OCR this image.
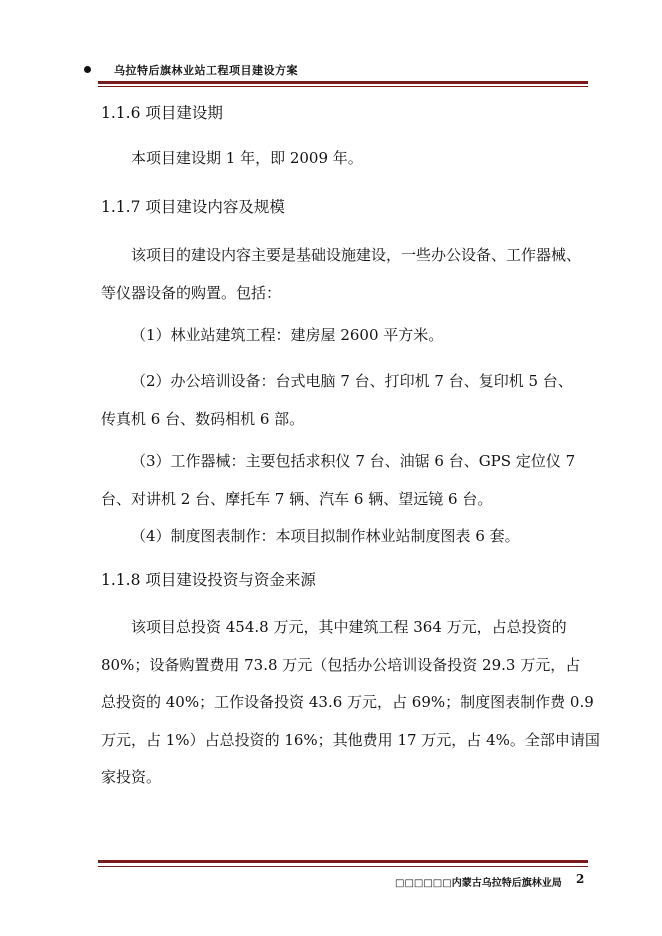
乌拉特后旗林业站工程项目建设方案
1.1.6 项目建设期
本项目建设期 1 年，即 2009 年。
1.1.7 项目建设内容及规模
该项目的建设内容主要是基础设施建设，一些办公设备、工作器械、
等仪器设备的购置。包括：
（1）林业站建筑工程：建房屋 2600 平方米。
（2）办公培训设备：台式电脑 7 台、打印机 7 台、复印机 5 台、
传真机 6 台、数码相机 6 部。
（3）工作器械：主要包括求积仪 7 台、油锯 6 台、GPS 定位仪 7
台、对讲机 2 台、摩托车 7 辆、汽车 6 辆、望远镜 6 台。
（4）制度图表制作：本项目拟制作林业站制度图表 6 套。
1.1.8 项目建设投资与资金来源
该项目总投资 454.8 万元，其中建筑工程 364 万元，占总投资的
80%；设备购置费用 73.8 万元（包括办公培训设备投资 29.3 万元，占
总投资的 40%；工作设备投资 43.6 万元，占 69%；制度图表制作费 0.9
万元，占 1%）占总投资的 16%；其他费用 17 万元，占 4%。全部申请国
家投资。
□□□□□□内蒙古乌拉特后旗林业局 2
